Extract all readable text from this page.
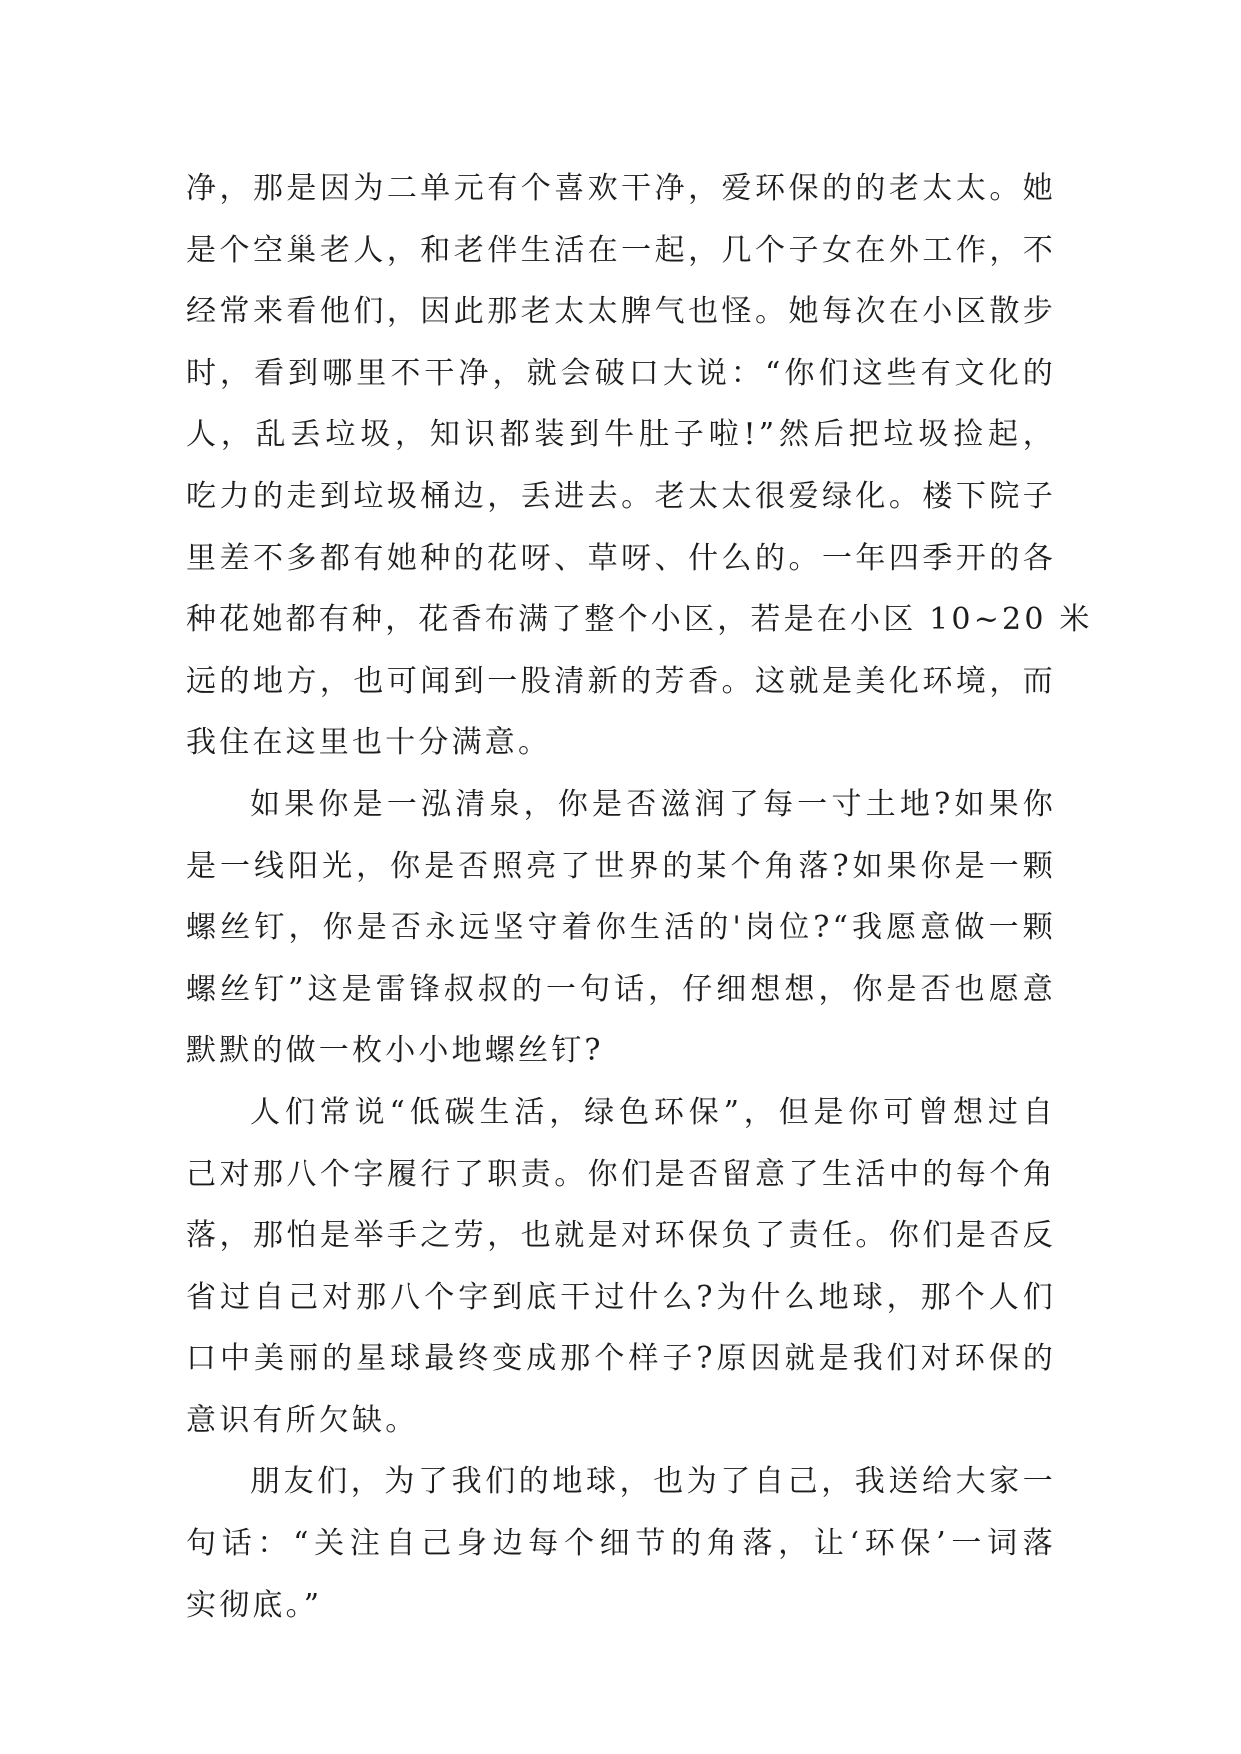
净，那是因为二单元有个喜欢干净，爱环保的的老太太。她
是个空巢老人，和老伴生活在一起，几个子女在外工作，不
经常来看他们，因此那老太太脾气也怪。她每次在小区散步
时，看到哪里不干净，就会破口大说：“你们这些有文化的
人，乱丢垃圾，知识都装到牛肚子啦!”然后把垃圾捡起，
吃力的走到垃圾桶边，丢进去。老太太很爱绿化。楼下院子
里差不多都有她种的花呀、草呀、什么的。一年四季开的各
种花她都有种，花香布满了整个小区，若是在小区 10~20 米
远的地方，也可闻到一股清新的芳香。这就是美化环境，而
我住在这里也十分满意。
如果你是一泓清泉，你是否滋润了每一寸土地?如果你
是一线阳光，你是否照亮了世界的某个角落?如果你是一颗
螺丝钉，你是否永远坚守着你生活的'岗位?“我愿意做一颗
螺丝钉”这是雷锋叔叔的一句话，仔细想想，你是否也愿意
默默的做一枚小小地螺丝钉?
人们常说“低碳生活，绿色环保”，但是你可曾想过自
己对那八个字履行了职责。你们是否留意了生活中的每个角
落，那怕是举手之劳，也就是对环保负了责任。你们是否反
省过自己对那八个字到底干过什么?为什么地球，那个人们
口中美丽的星球最终变成那个样子?原因就是我们对环保的
意识有所欠缺。
朋友们，为了我们的地球，也为了自己，我送给大家一
句话：“关注自己身边每个细节的角落，让‘环保’一词落
实彻底。”
